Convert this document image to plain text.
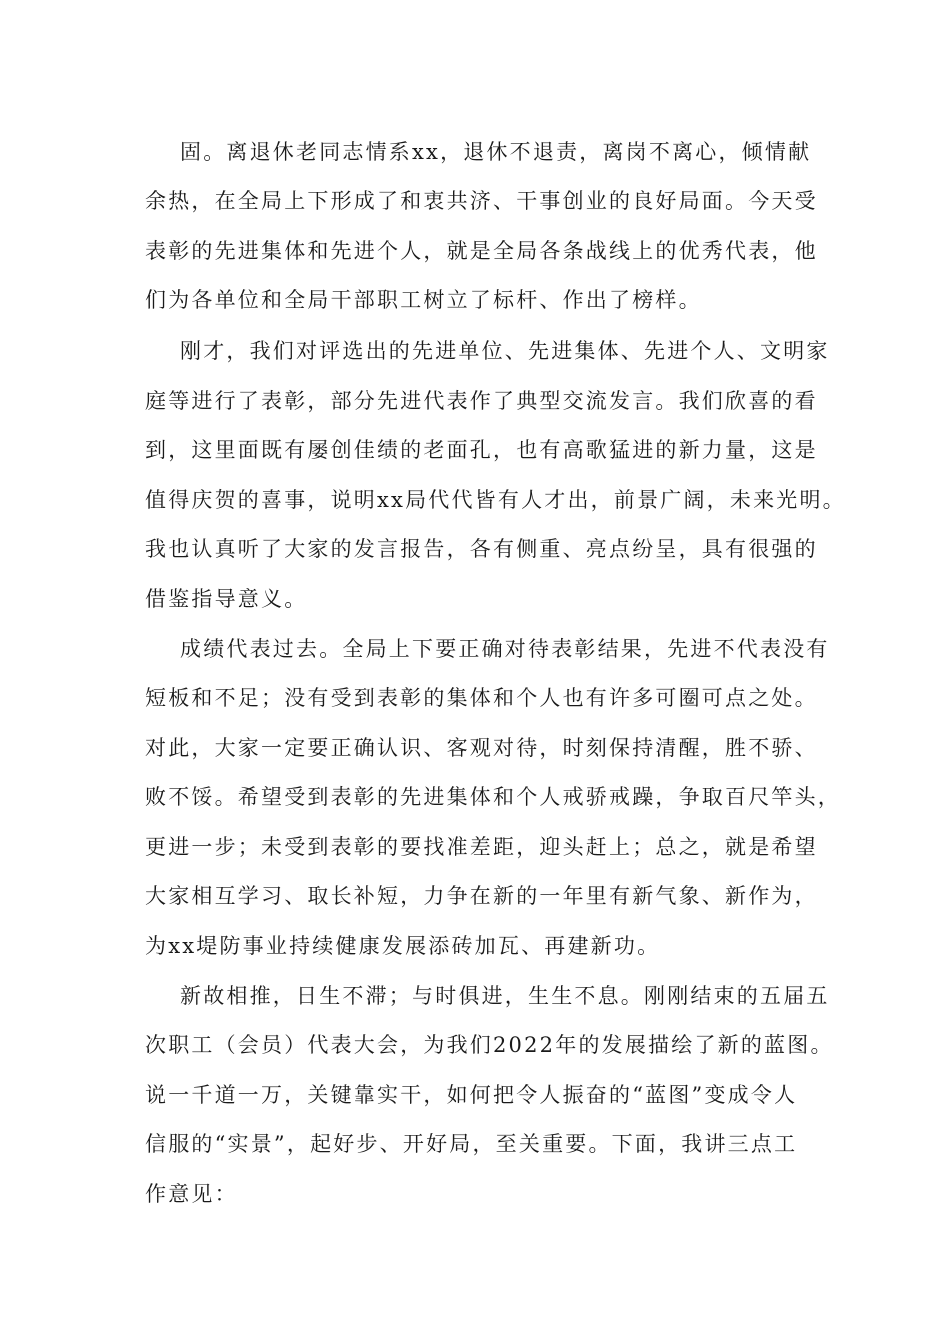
固。离退休老同志情系xx，退休不退责，离岗不离心，倾情献
余热，在全局上下形成了和衷共济、干事创业的良好局面。今天受
表彰的先进集体和先进个人，就是全局各条战线上的优秀代表，他
们为各单位和全局干部职工树立了标杆、作出了榜样。
刚才，我们对评选出的先进单位、先进集体、先进个人、文明家
庭等进行了表彰，部分先进代表作了典型交流发言。我们欣喜的看
到，这里面既有屡创佳绩的老面孔，也有高歌猛进的新力量，这是
值得庆贺的喜事，说明xx局代代皆有人才出，前景广阔，未来光明。
我也认真听了大家的发言报告，各有侧重、亮点纷呈，具有很强的
借鉴指导意义。
成绩代表过去。全局上下要正确对待表彰结果，先进不代表没有
短板和不足；没有受到表彰的集体和个人也有许多可圈可点之处。
对此，大家一定要正确认识、客观对待，时刻保持清醒，胜不骄、
败不馁。希望受到表彰的先进集体和个人戒骄戒躁，争取百尺竿头，
更进一步；未受到表彰的要找准差距，迎头赶上；总之，就是希望
大家相互学习、取长补短，力争在新的一年里有新气象、新作为，
为xx堤防事业持续健康发展添砖加瓦、再建新功。
新故相推，日生不滞；与时俱进，生生不息。刚刚结束的五届五
次职工（会员）代表大会，为我们2022年的发展描绘了新的蓝图。
说一千道一万，关键靠实干，如何把令人振奋的“蓝图”变成令人
信服的“实景”，起好步、开好局，至关重要。下面，我讲三点工
作意见：
